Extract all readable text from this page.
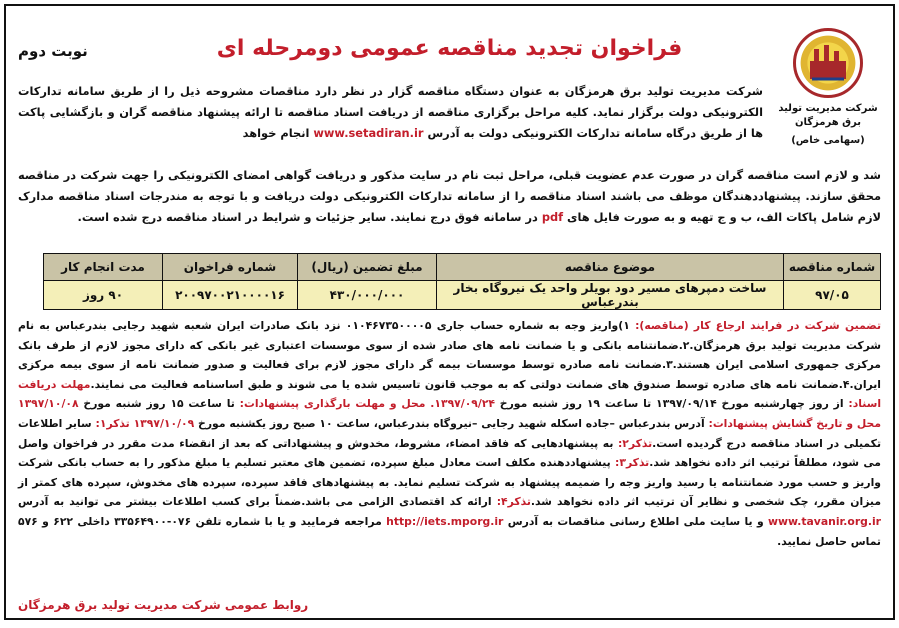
شرکت مدیریت تولید برق هرمزگان
(سهامی خاص)
فراخوان تجدید مناقصه عمومی دومرحله ای
نوبت دوم
شرکت مدیریت تولید برق هرمزگان به عنوان دستگاه مناقصه گزار در نظر دارد مناقصات مشروحه ذیل را از طریق سامانه تدارکات الکترونیکی دولت برگزار نماید. کلیه مراحل برگزاری مناقصه از دریافت اسناد مناقصه تا ارائه پیشنهاد مناقصه گران و بازگشایی پاکت ها از طریق درگاه سامانه تدارکات الکترونیکی دولت به آدرس www.setadiran.ir انجام خواهد
شد و لازم است مناقصه گران در صورت عدم عضویت قبلی، مراحل ثبت نام در سایت مذکور و دریافت گواهی امضای الکترونیکی را جهت شرکت در مناقصه محقق سازند. پیشنهاددهندگان موظف می باشند اسناد مناقصه را از سامانه تدارکات الکترونیکی دولت دریافت و با توجه به مندرجات اسناد مناقصه مدارک لازم شامل پاکات الف، ب و ج تهیه و به صورت فایل های pdf در سامانه فوق درج نمایند. سایر جزئیات و شرایط در اسناد مناقصه درج شده است.
شماره مناقصه	موضوع مناقصه	مبلغ تضمین (ریال)	شماره فراخوان	مدت انجام کار
۹۷/۰۵	ساخت دمپرهای مسیر دود بویلر واحد یک نیروگاه بخار بندرعباس	۴۳۰/۰۰۰/۰۰۰	۲۰۰۹۷۰۰۲۱۰۰۰۰۱۶	۹۰ روز
تضمین شرکت در فرایند ارجاع کار (مناقصه): ۱)واریز وجه به شماره حساب جاری ۰۱۰۴۶۷۳۵۰۰۰۰۵ نزد بانک صادرات ایران شعبه شهید رجایی بندرعباس به نام شرکت مدیریت تولید برق هرمزگان.۲.ضمانتنامه بانکی و یا ضمانت نامه های صادر شده از سوی موسسات اعتباری غیر بانکی که دارای مجوز لازم از طرف بانک مرکزی جمهوری اسلامی ایران هستند.۳.ضمانت نامه صادره توسط موسسات بیمه گر دارای مجوز لازم برای فعالیت و صدور ضمانت نامه از سوی بیمه مرکزی ایران.۴.ضمانت نامه های صادره توسط صندوق های ضمانت دولتی که به موجب قانون تاسیس شده یا می شوند و طبق اساسنامه فعالیت می نمایند.مهلت دریافت اسناد: از روز چهارشنبه مورخ ۱۳۹۷/۰۹/۱۴ تا ساعت ۱۹ روز شنبه مورخ ۱۳۹۷/۰۹/۲۴. محل و مهلت بارگذاری پیشنهادات: تا ساعت ۱۵ روز شنبه مورخ ۱۳۹۷/۱۰/۰۸ محل و تاریخ گشایش پیشنهادات: آدرس بندرعباس –جاده اسکله شهید رجایی –نیروگاه بندرعباس، ساعت ۱۰ صبح روز یکشنبه مورخ ۱۳۹۷/۱۰/۰۹ تذکر۱: سایر اطلاعات تکمیلی در اسناد مناقصه درج گردیده است.تذکر۲: به پیشنهادهایی که فاقد امضاء، مشروط، مخدوش و پیشنهاداتی که بعد از انقضاء مدت مقرر در فراخوان واصل می شود، مطلقاً ترتیب اثر داده نخواهد شد.تذکر۳: پیشنهاددهنده مکلف است معادل مبلغ سپرده، تضمین های معتبر تسلیم یا مبلغ مذکور را به حساب بانکی شرکت واریز و حسب مورد ضمانتنامه یا رسید واریز وجه را ضمیمه پیشنهاد به شرکت تسلیم نماید. به پیشنهادهای فاقد سپرده، سپرده های مخدوش، سپرده های کمتر از میزان مقرر، چک شخصی و نظایر آن ترتیب اثر داده نخواهد شد.تذکر۴: ارائه کد اقتصادی الزامی می باشد.ضمناً برای کسب اطلاعات بیشتر می توانید به آدرس www.tavanir.org.ir و یا سایت ملی اطلاع رسانی مناقصات به آدرس http://iets.mporg.ir مراجعه فرمایید و یا با شماره تلفن ۰۷۶-۳۳۵۶۴۹۰۰ داخلی ۶۲۲ و ۵۷۶ تماس حاصل نمایید.
روابط عمومی شرکت مدیریت تولید برق هرمزگان
